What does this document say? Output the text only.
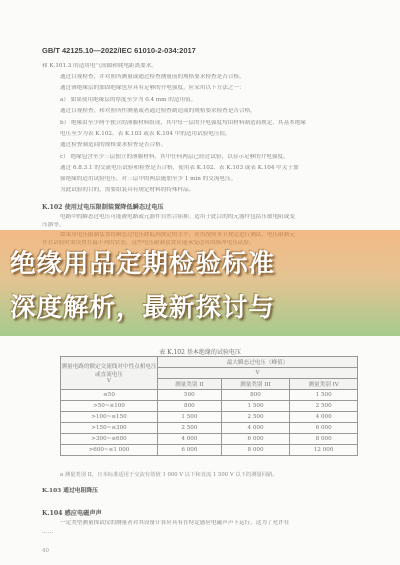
GB/T 42125.10—2022/IEC 61010-2-034:2017
和 K.101.3 的适用电气间隙和爬电距离要求。
通过目视检查，并对照所测量或通过检查测量前的规格要求检查是否合格。
通过薄绝缘层的加固绝缘也应具有足够的介电强度，应采用以下方法之一：
a） 如果使用绝缘层的厚度至少为 0.4 mm 的适用值。
通过目视检查，和对照所作测量或者通过检查制造商的规格要求检查是否合格。
b） 绝缘由至少两个独立的薄膜材料组成，其中每一层的介电强度均由材料制造商规定，其基本绝缘
电压至少为表 K.102、表 K.103 或表 K.104 中的适用试验电压值。
通过检查制造商的规格要求检查是否合格。
c） 绝缘包含至少三层独立的薄膜材料，其中任何两层已经过试验，以显示足够的介电强度。
通过 6.8.3.1 的交流电压试验和检查是否合格，使用表 K.102、表 K.103 或表 K.104 中关于加
强绝缘的适用试验电压，对三层中的两层施加至少 1 min 的交流电压。
为此试验的目的，需要组装具有规定材料的特殊样品。
K.102 使用过电压限制装置降低瞬态过电压
电路中的瞬态过电压可能被电路或元器件自然合阻抑。适用于此目的的元器件包括压敏电阻或变
压器等。
绝缘用品定期检验标准
深度解析，最新探讨与
表 K.102 基本绝缘的试验电压
测量电路的额定交流线对中性点相电压或直流电压
V	最大瞬态过电压（峰值）		
	V		
	测量类别 II	测量类别 III	测量类别 IV
≤50	500	800	1 500
>50~≤100	800	1 500	2 500
>100~≤150	1 500	2 500	4 000
>150~≤300	2 500	4 000	6 000
>300~≤600	4 000	6 000	8 000
>600~≤1 000	6 000	8 000	12 000
a 测量类别 II，且本标准适用于交流有效值 1 000 V 以下和直流 1 500 V 以下的测量回路。
K.103 通过电阻降压
K.104 感应电磁声声
一定类型测量探试仪的测量者对其设备计算应具有在特定感应电磁声声下运行。这为了允许在
……
40
